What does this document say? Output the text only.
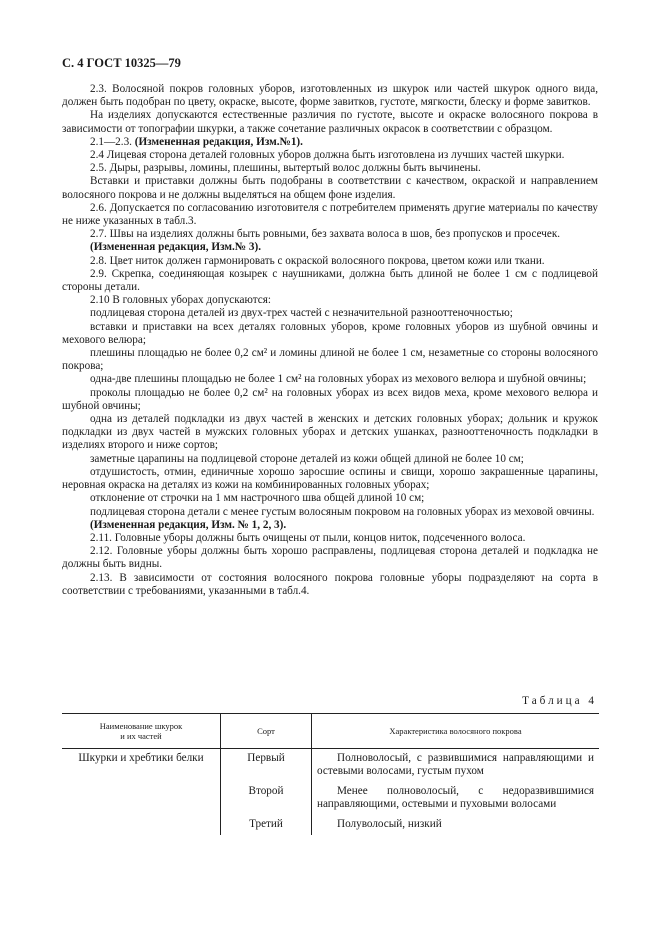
С. 4 ГОСТ 10325—79

2.3. Волосяной покров головных уборов, изготовленных из шкурок или частей шкурок одного вида, должен быть подобран по цвету, окраске, высоте, форме завитков, густоте, мягкости, блеску и форме завитков.

На изделиях допускаются естественные различия по густоте, высоте и окраске волосяного покрова в зависимости от топографии шкурки, а также сочетание различных окрасок в соответствии с образцом.

2.1—2.3. (Измененная редакция, Изм.№1).

2.4 Лицевая сторона деталей головных уборов должна быть изготовлена из лучших частей шкурки.

2.5. Дыры, разрывы, ломины, плешины, вытертый волос должны быть вычинены.

Вставки и приставки должны быть подобраны в соответствии с качеством, окраской и направлением волосяного покрова и не должны выделяться на общем фоне изделия.

2.6. Допускается по согласованию изготовителя с потребителем применять другие материалы по качеству не ниже указанных в табл.3.

2.7. Швы на изделиях должны быть ровными, без захвата волоса в шов, без пропусков и просечек.

(Измененная редакция, Изм.№ 3).

2.8. Цвет ниток должен гармонировать с окраской волосяного покрова, цветом кожи или ткани.

2.9. Скрепка, соединяющая козырек с наушниками, должна быть длиной не более 1 см с подлицевой стороны детали.

2.10 В головных уборах допускаются:

подлицевая сторона деталей из двух-трех частей с незначительной разнооттеночностью;

вставки и приставки на всех деталях головных уборов, кроме головных уборов из шубной овчины и мехового велюра;

плешины площадью не более 0,2 см² и ломины длиной не более 1 см, незаметные со стороны волосяного покрова;

одна-две плешины площадью не более 1 см² на головных уборах из мехового велюра и шубной овчины;

проколы площадью не более 0,2 см² на головных уборах из всех видов меха, кроме мехового велюра и шубной овчины;

одна из деталей подкладки из двух частей в женских и детских головных уборах; дольник и кружок подкладки из двух частей в мужских головных уборах и детских ушанках, разнооттеночность подкладки в изделиях второго и ниже сортов;

заметные царапины на подлицевой стороне деталей из кожи общей длиной не более 10 см;

отдушистость, отмин, единичные хорошо заросшие оспины и свищи, хорошо закрашенные царапины, неровная окраска на деталях из кожи на комбинированных головных уборах;

отклонение от строчки на 1 мм настрочного шва общей длиной 10 см;

подлицевая сторона детали с менее густым волосяным покровом на головных уборах из меховой овчины.

(Измененная редакция, Изм. № 1, 2, 3).

2.11. Головные уборы должны быть очищены от пыли, концов ниток, подсеченного волоса.

2.12. Головные уборы должны быть хорошо расправлены, подлицевая сторона деталей и подкладка не должны быть видны.

2.13. В зависимости от состояния волосяного покрова головные уборы подразделяют на сорта в соответствии с требованиями, указанными в табл.4.

Таблица 4
Наименование шкурок
и их частей	Сорт	Характеристика волосяного покрова
Шкурки и хребтики белки	Первый	Полноволосый, с развившимися направляющими и остевыми волосами, густым пухом
	Второй	Менее полноволосый, с недоразвившимися направляющими, остевыми и пуховыми волосами
	Третий	Полуволосый, низкий
